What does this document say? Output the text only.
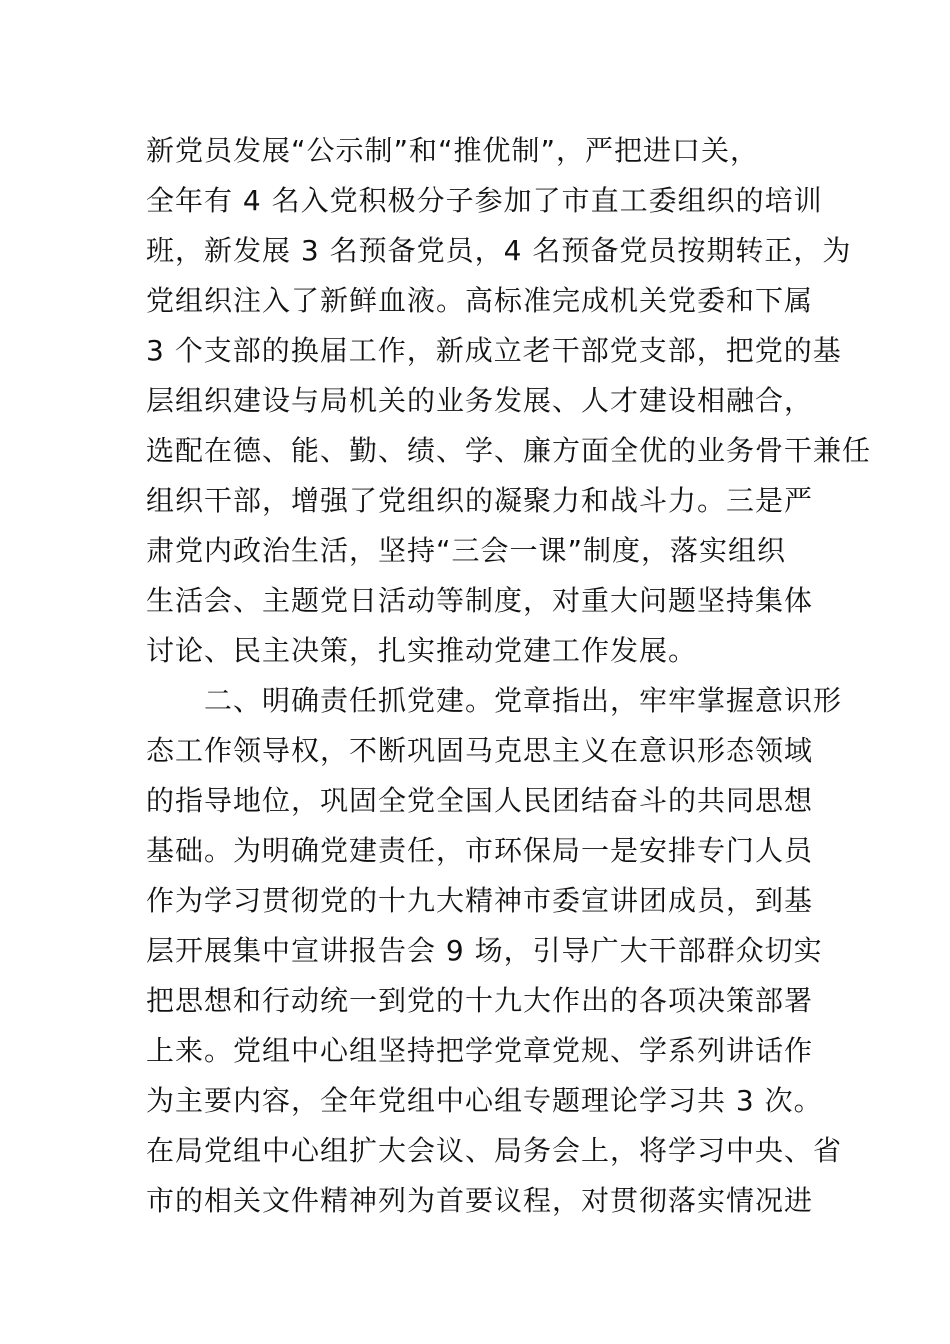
新党员发展“公示制”和“推优制”，严把进口关，
全年有 4 名入党积极分子参加了市直工委组织的培训
班，新发展 3 名预备党员，4 名预备党员按期转正，为
党组织注入了新鲜血液。高标准完成机关党委和下属
3 个支部的换届工作，新成立老干部党支部，把党的基
层组织建设与局机关的业务发展、人才建设相融合，
选配在德、能、勤、绩、学、廉方面全优的业务骨干兼任
组织干部，增强了党组织的凝聚力和战斗力。三是严
肃党内政治生活，坚持“三会一课”制度，落实组织
生活会、主题党日活动等制度，对重大问题坚持集体
讨论、民主决策，扎实推动党建工作发展。
　　二、明确责任抓党建。党章指出，牢牢掌握意识形
态工作领导权，不断巩固马克思主义在意识形态领域
的指导地位，巩固全党全国人民团结奋斗的共同思想
基础。为明确党建责任，市环保局一是安排专门人员
作为学习贯彻党的十九大精神市委宣讲团成员，到基
层开展集中宣讲报告会 9 场，引导广大干部群众切实
把思想和行动统一到党的十九大作出的各项决策部署
上来。党组中心组坚持把学党章党规、学系列讲话作
为主要内容，全年党组中心组专题理论学习共 3 次。
在局党组中心组扩大会议、局务会上，将学习中央、省
市的相关文件精神列为首要议程，对贯彻落实情况进
